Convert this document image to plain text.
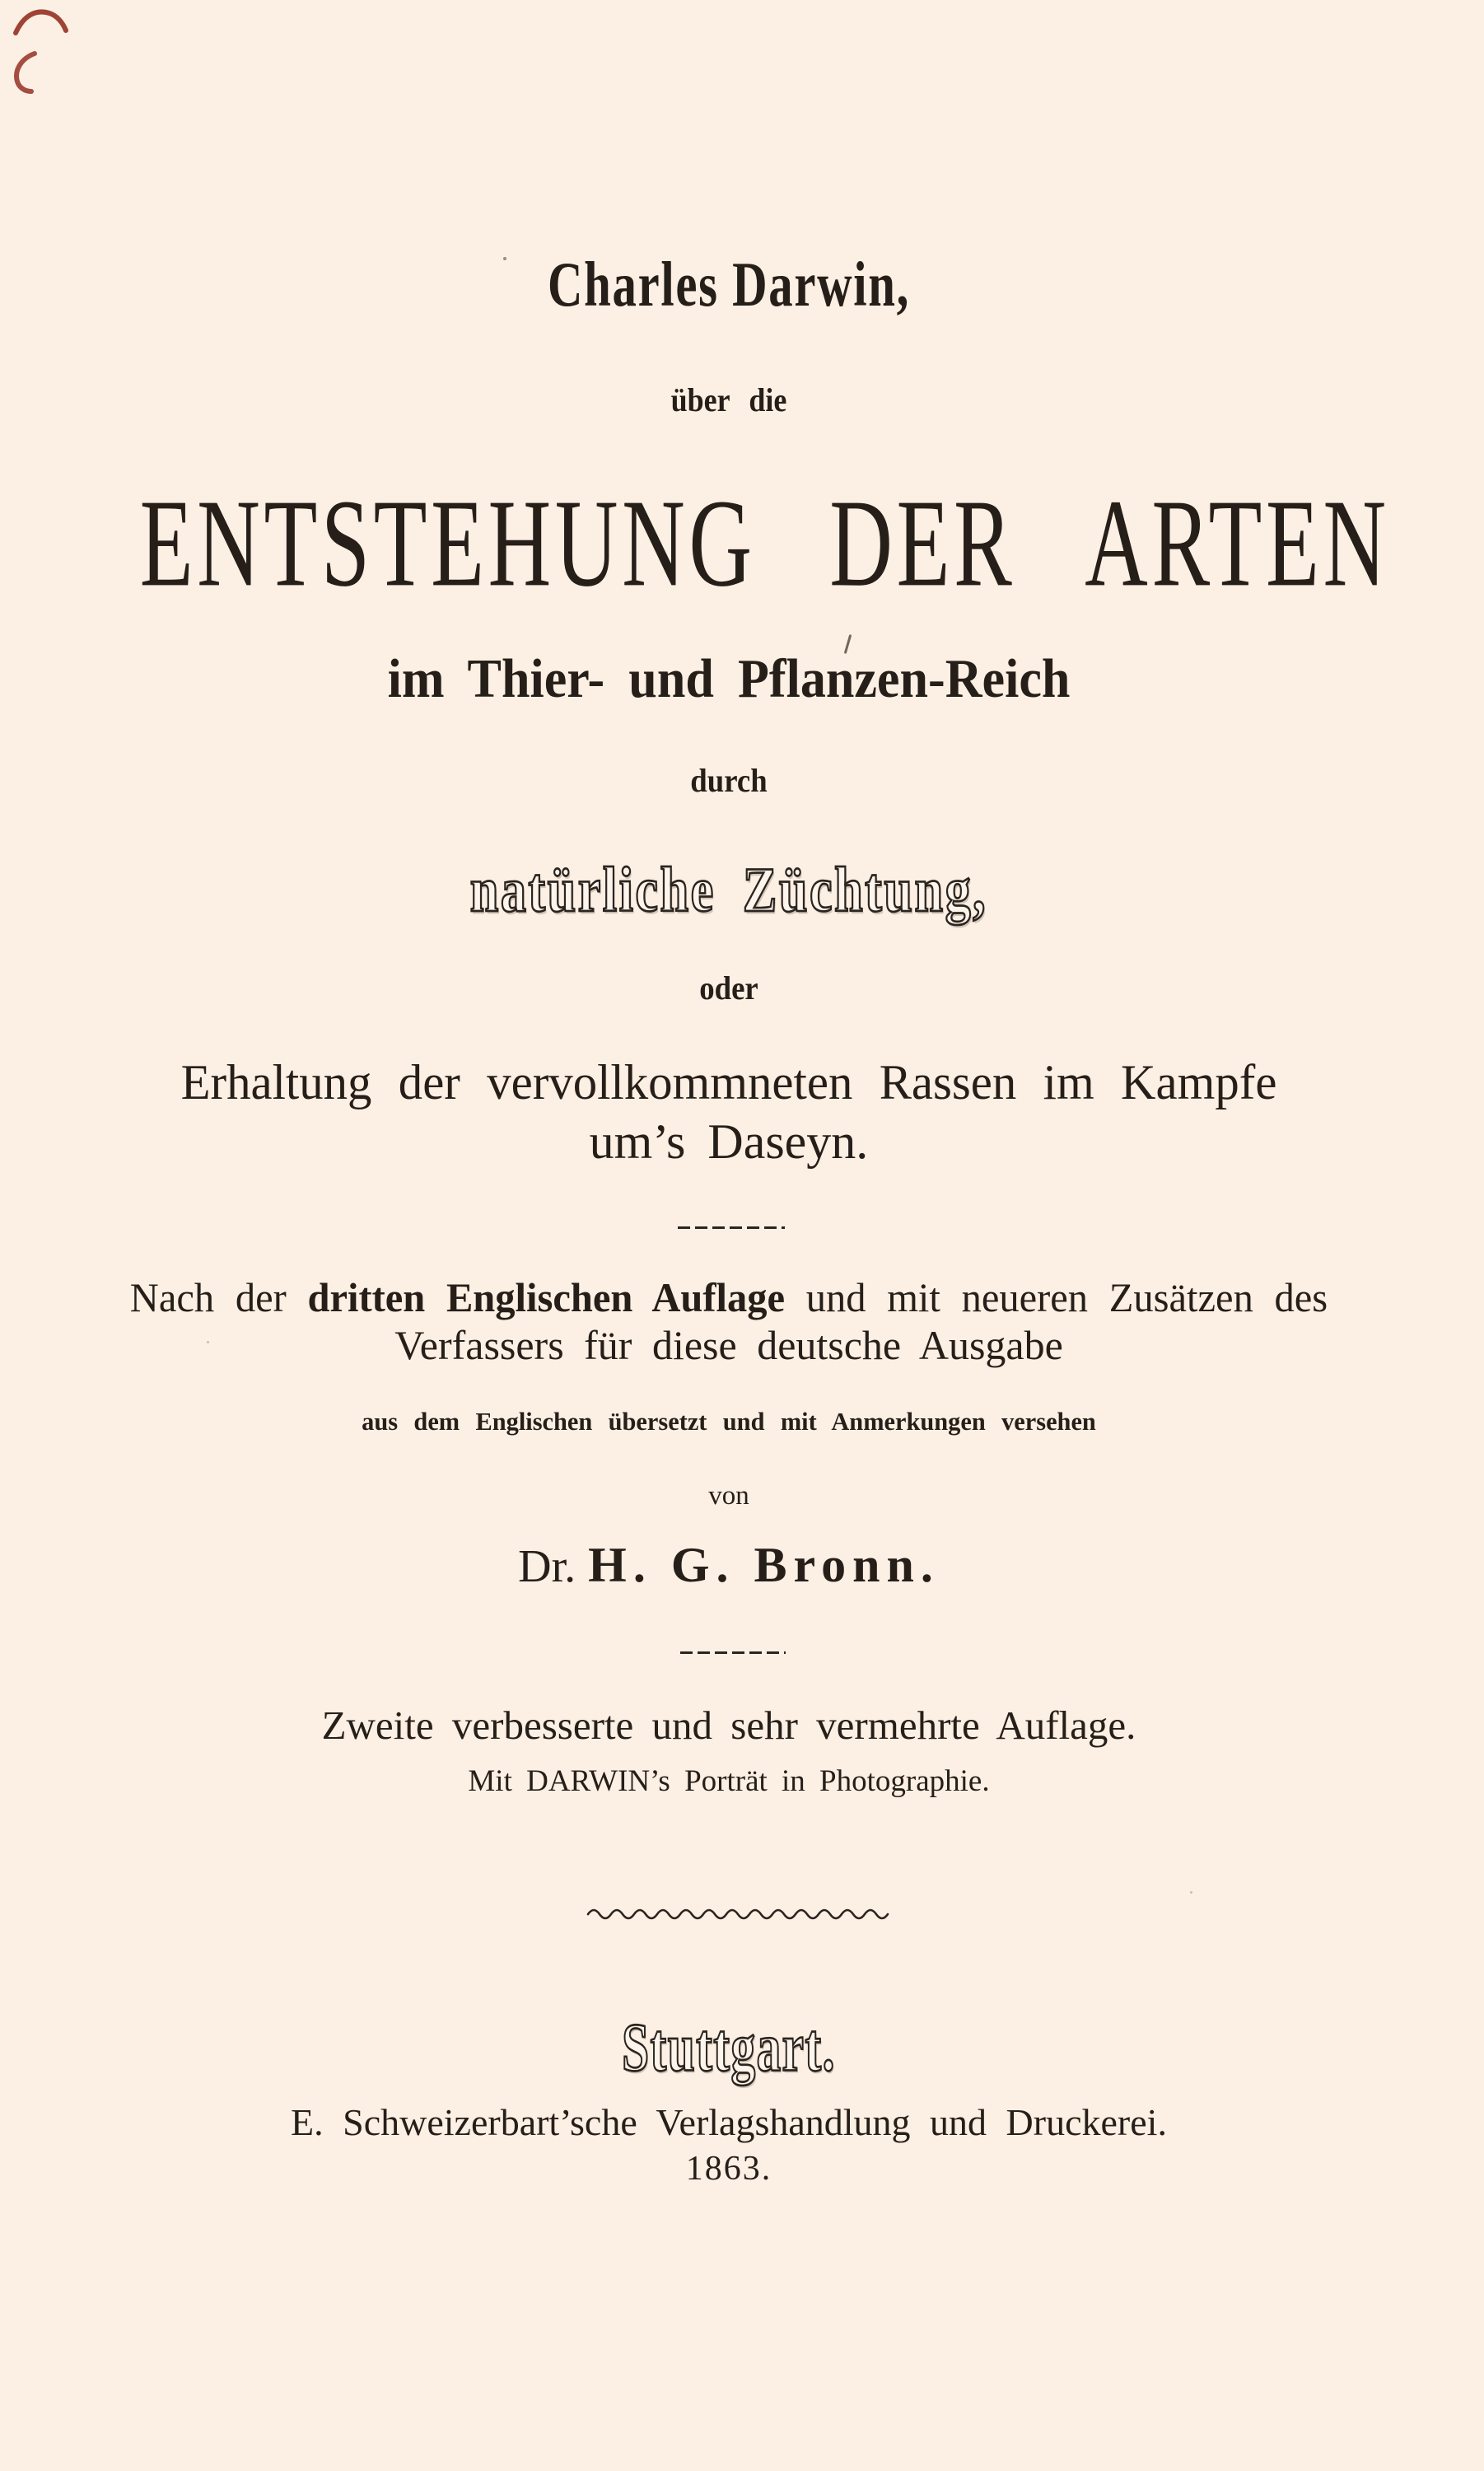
Charles Darwin,
über die
ENTSTEHUNG DER ARTEN
im Thier- und Pflanzen-Reich
durch
natürliche Züchtung,
oder
Erhaltung der vervollkommneten Rassen im Kampfe
um’s Daseyn.
Nach der dritten Englischen Auflage und mit neueren Zusätzen des
Verfassers für diese deutsche Ausgabe
aus dem Englischen übersetzt und mit Anmerkungen versehen
von
Dr. H. G. Bronn.
Zweite verbesserte und sehr vermehrte Auflage.
Mit DARWIN’s Porträt in Photographie.
Stuttgart.
E. Schweizerbart’sche Verlagshandlung und Druckerei.
1863.
